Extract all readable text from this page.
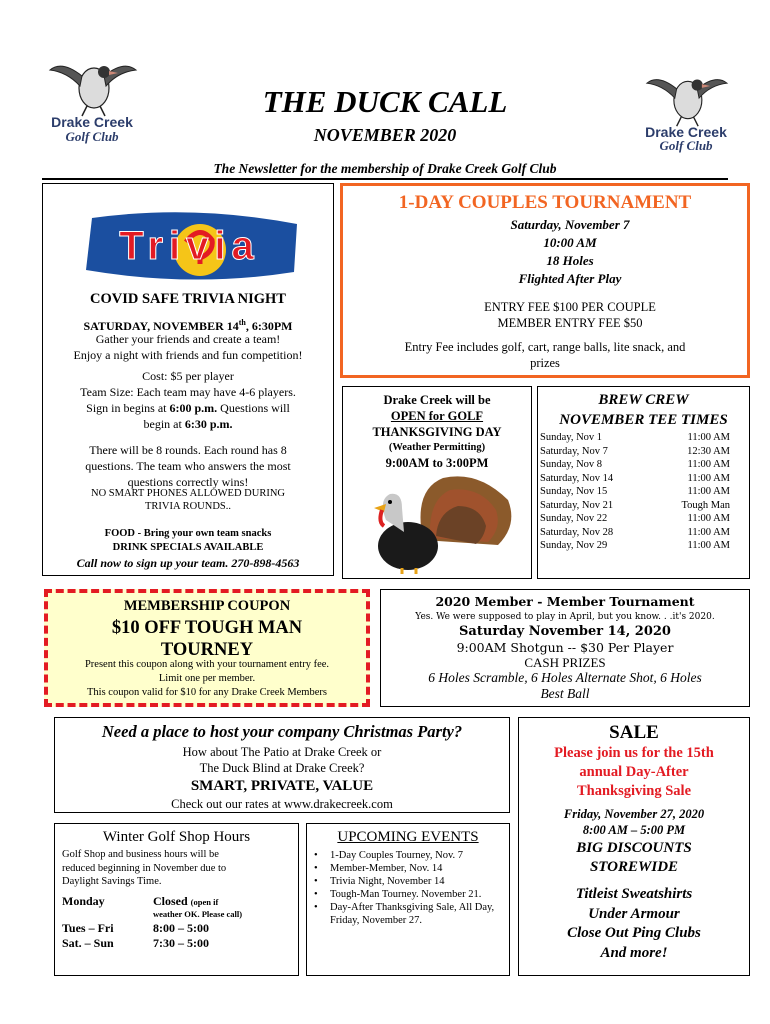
Drake Creek
Golf Club	Drake Creek
Golf Club
THE DUCK CALL
NOVEMBER 2020
The Newsletter for the membership of Drake Creek Golf Club
Trivia
COVID SAFE TRIVIA NIGHT
SATURDAY, NOVEMBER 14th, 6:30PM
Gather your friends and create a team!
Enjoy a night with friends and fun competition!
Cost: $5 per player
Team Size: Each team may have 4-6 players.
Sign in begins at 6:00 p.m. Questions will
begin at 6:30 p.m.
There will be 8 rounds. Each round has 8
questions. The team who answers the most
questions correctly wins!
NO SMART PHONES ALLOWED DURING
TRIVIA ROUNDS..
FOOD - Bring your own team snacks
DRINK SPECIALS AVAILABLE
Call now to sign up your team. 270-898-4563
1-DAY COUPLES TOURNAMENT
Saturday, November 7
10:00 AM
18 Holes
Flighted After Play
ENTRY FEE $100 PER COUPLE
MEMBER ENTRY FEE $50
Entry Fee includes golf, cart, range balls, lite snack, and
prizes
Drake Creek will be
OPEN for GOLF
THANKSGIVING DAY
(Weather Permitting)
9:00AM to 3:00PM
BREW CREW
NOVEMBER TEE TIMES
Sunday, Nov 1	11:00 AM
Saturday, Nov 7	12:30 AM
Sunday, Nov 8	11:00 AM
Saturday, Nov 14	11:00 AM
Sunday, Nov 15	11:00 AM
Saturday, Nov 21	Tough Man
Sunday, Nov 22	11:00 AM
Saturday, Nov 28	11:00 AM
Sunday, Nov 29	11:00 AM
MEMBERSHIP COUPON
$10 OFF TOUGH MAN
TOURNEY
Present this coupon along with your tournament entry fee.
Limit one per member.
This coupon valid for $10 for any Drake Creek Members
2020 Member - Member Tournament
Yes. We were supposed to play in April, but you know. . .it's 2020.
Saturday November 14, 2020
9:00AM Shotgun -- $30 Per Player
CASH PRIZES
6 Holes Scramble, 6 Holes Alternate Shot, 6 Holes
Best Ball
Need a place to host your company Christmas Party?
How about The Patio at Drake Creek or
The Duck Blind at Drake Creek?
SMART, PRIVATE, VALUE
Check out our rates at www.drakecreek.com
Winter Golf Shop Hours
Golf Shop and business hours will be
reduced beginning in November due to
Daylight Savings Time.
Monday	Closed (open if
weather OK. Please call)
Tues – Fri	8:00 – 5:00
Sat. – Sun	7:30 – 5:00
UPCOMING EVENTS
• 1-Day Couples Tourney, Nov. 7
• Member-Member, Nov. 14
• Trivia Night, November 14
• Tough-Man Tourney. November 21.
• Day-After Thanksgiving Sale, All Day, Friday, November 27.
SALE
Please join us for the 15th
annual Day-After
Thanksgiving Sale
Friday, November 27, 2020
8:00 AM – 5:00 PM
BIG DISCOUNTS
STOREWIDE
Titleist Sweatshirts
Under Armour
Close Out Ping Clubs
And more!
